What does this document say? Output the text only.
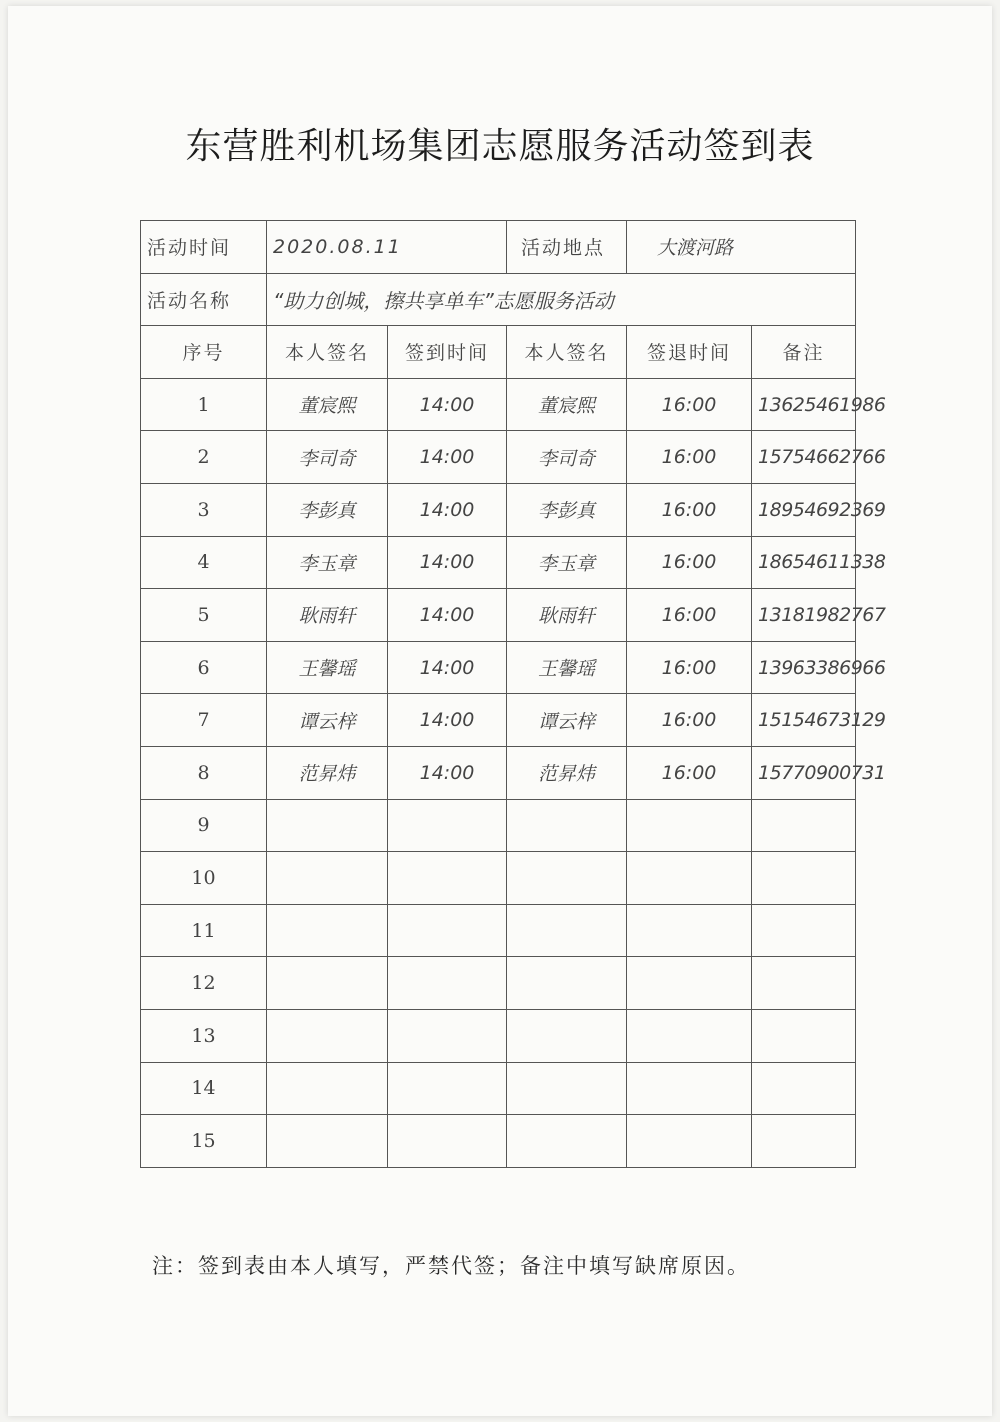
东营胜利机场集团志愿服务活动签到表
活动时间	2020.08.11		活动地点	大渡河路	
活动名称	“助力创城，擦共享单车”志愿服务活动				
序号	本人签名	签到时间	本人签名	签退时间	备注
1	董宸熙	14:00	董宸熙	16:00	13625461986
2	李司奇	14:00	李司奇	16:00	15754662766
3	李彭真	14:00	李彭真	16:00	18954692369
4	李玉章	14:00	李玉章	16:00	18654611338
5	耿雨轩	14:00	耿雨轩	16:00	13181982767
6	王馨瑶	14:00	王馨瑶	16:00	13963386966
7	谭云梓	14:00	谭云梓	16:00	15154673129
8	范昇炜	14:00	范昇炜	16:00	15770900731
9					
10					
11					
12					
13					
14					
15					
注：签到表由本人填写，严禁代签；备注中填写缺席原因。
